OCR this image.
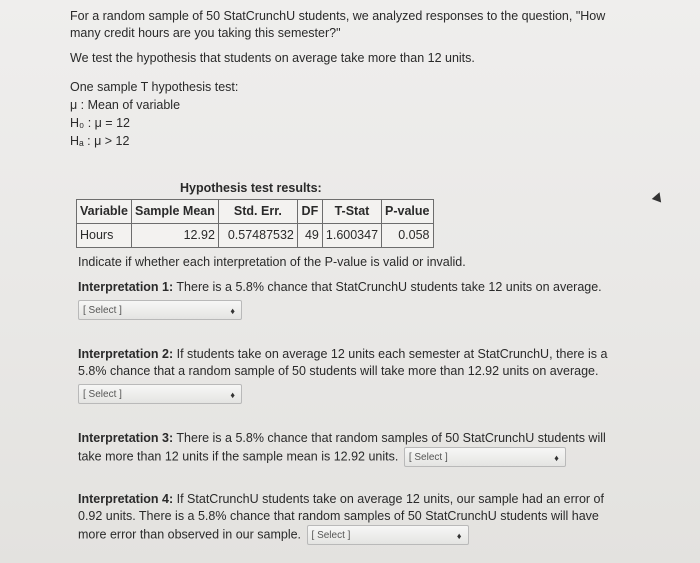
For a random sample of 50 StatCrunchU students, we analyzed responses to the question, "How many credit hours are you taking this semester?"

We test the hypothesis that students on average take more than 12 units.

One sample T hypothesis test:

μ : Mean of variable

H₀ : μ = 12

Hₐ : μ > 12

Hypothesis test results:

Variable	Sample Mean	Std. Err.	DF	T-Stat	P-value
Hours	12.92	0.57487532	49	1.600347	0.058

Indicate if whether each interpretation of the P-value is valid or invalid.

Interpretation 1: There is a 5.8% chance that StatCrunchU students take 12 units on average.

[ Select ]	♦

Interpretation 2: If students take on average 12 units each semester at StatCrunchU, there is a 5.8% chance that a random sample of 50 students will take more than 12.92 units on average.

[ Select ]	♦

Interpretation 3: There is a 5.8% chance that random samples of 50 StatCrunchU students will take more than 12 units if the sample mean is 12.92 units. [ Select ]	♦

Interpretation 4: If StatCrunchU students take on average 12 units, our sample had an error of 0.92 units. There is a 5.8% chance that random samples of 50 StatCrunchU students will have more error than observed in our sample. [ Select ]	♦
